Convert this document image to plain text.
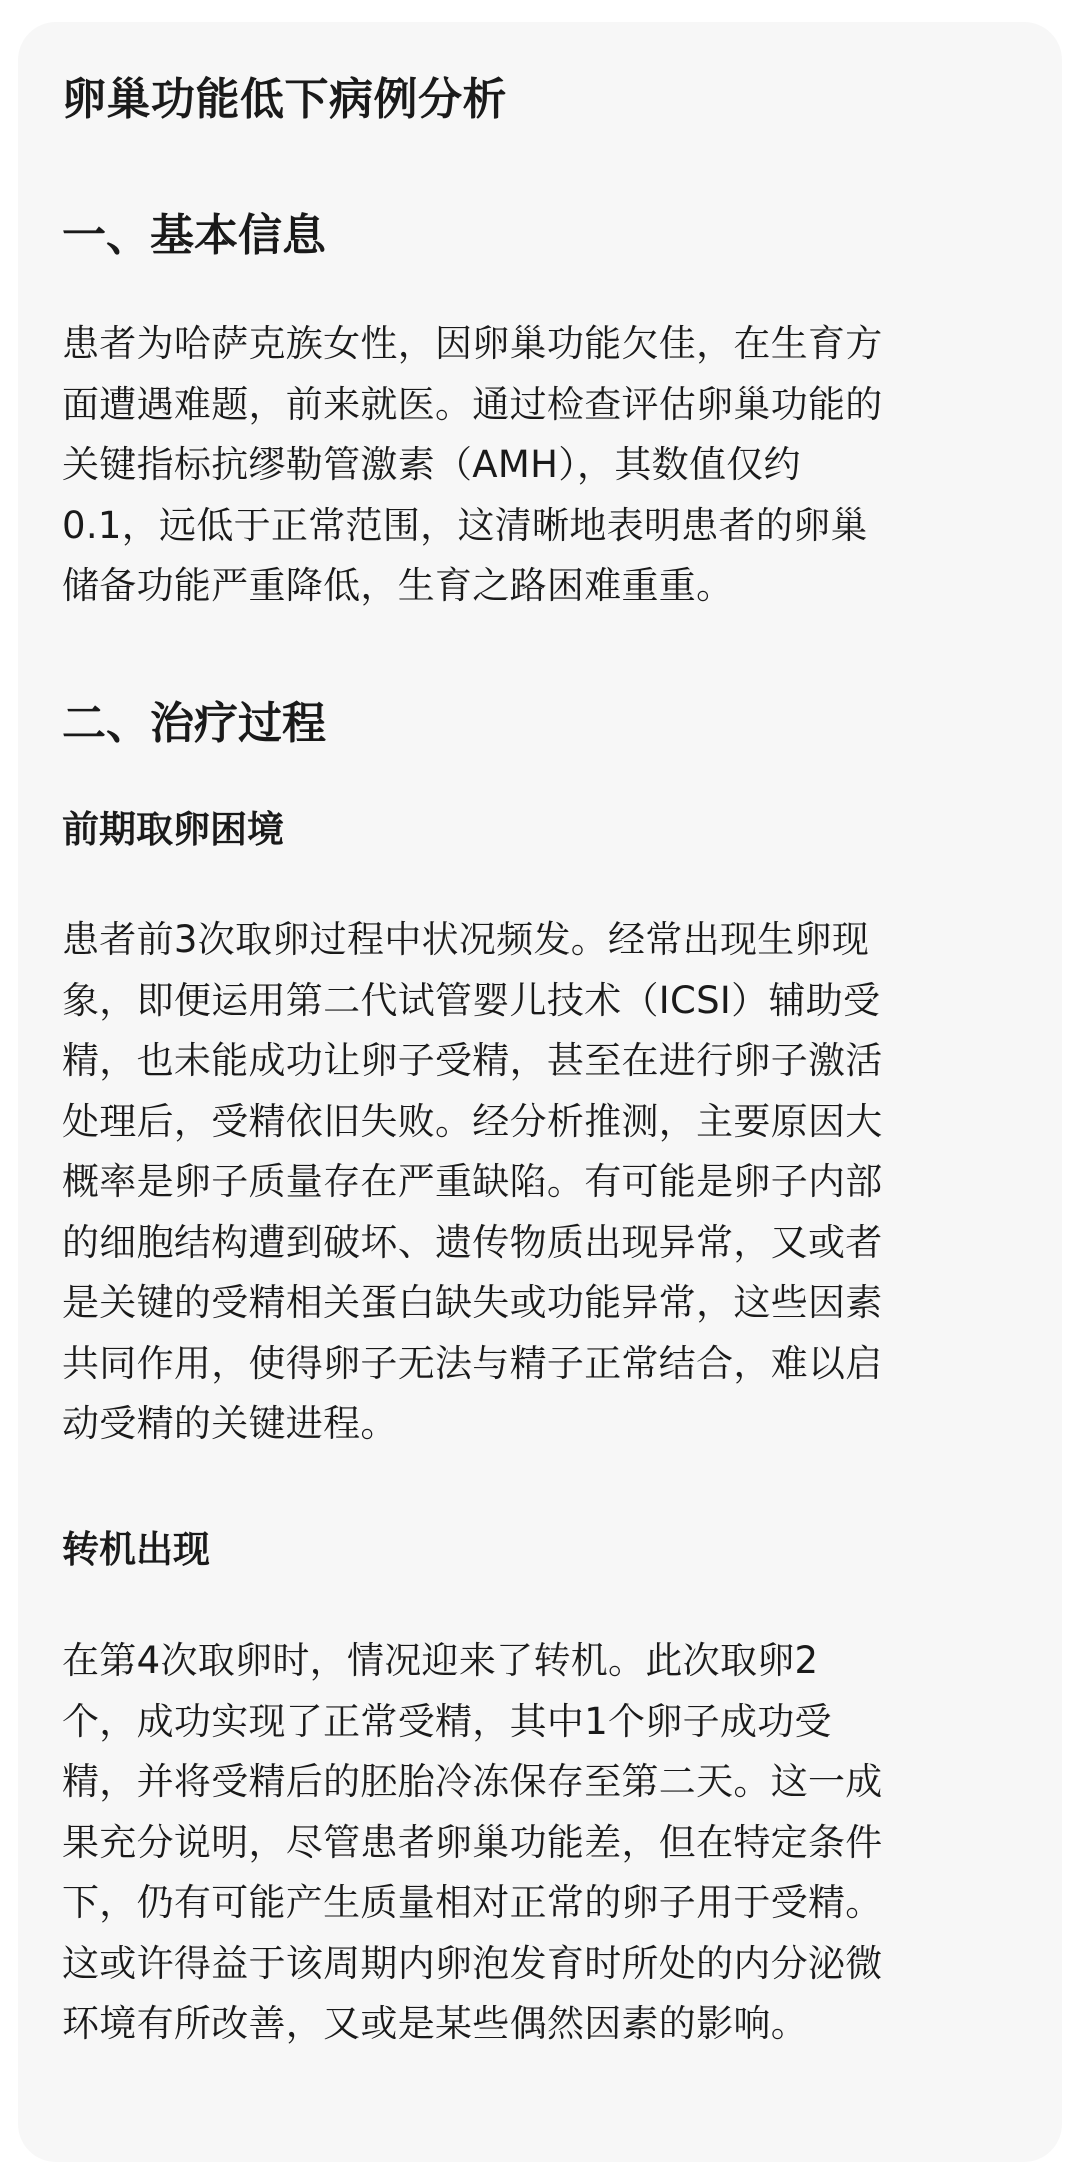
卵巢功能低下病例分析
一、基本信息
患者为哈萨克族女性，因卵巢功能欠佳，在生育方
面遭遇难题，前来就医。通过检查评估卵巢功能的
关键指标抗缪勒管激素（AMH），其数值仅约
0.1，远低于正常范围，这清晰地表明患者的卵巢
储备功能严重降低，生育之路困难重重。
二、治疗过程
前期取卵困境
患者前3次取卵过程中状况频发。经常出现生卵现
象，即便运用第二代试管婴儿技术（ICSI）辅助受
精，也未能成功让卵子受精，甚至在进行卵子激活
处理后，受精依旧失败。经分析推测，主要原因大
概率是卵子质量存在严重缺陷。有可能是卵子内部
的细胞结构遭到破坏、遗传物质出现异常，又或者
是关键的受精相关蛋白缺失或功能异常，这些因素
共同作用，使得卵子无法与精子正常结合，难以启
动受精的关键进程。
转机出现
在第4次取卵时，情况迎来了转机。此次取卵2
个，成功实现了正常受精，其中1个卵子成功受
精，并将受精后的胚胎冷冻保存至第二天。这一成
果充分说明，尽管患者卵巢功能差，但在特定条件
下，仍有可能产生质量相对正常的卵子用于受精。
这或许得益于该周期内卵泡发育时所处的内分泌微
环境有所改善，又或是某些偶然因素的影响。
